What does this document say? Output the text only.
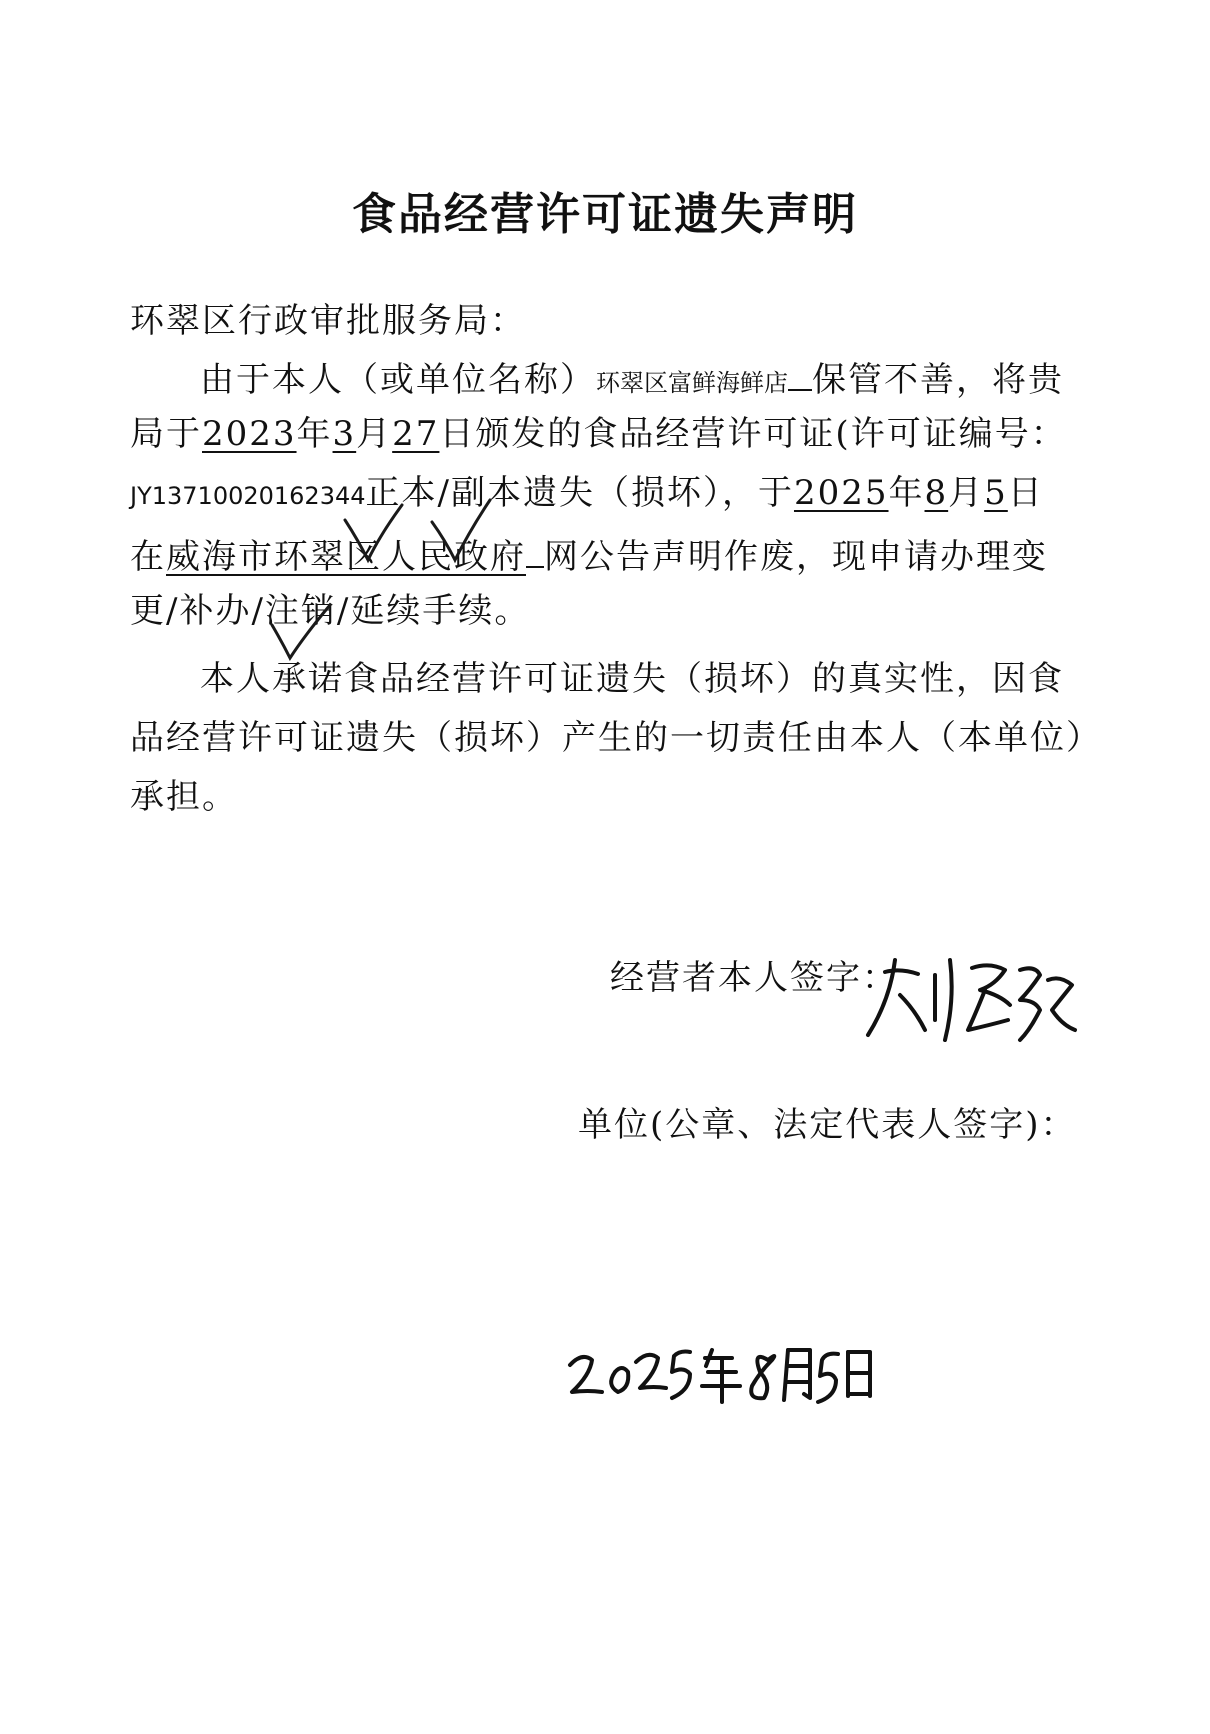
食品经营许可证遗失声明
环翠区行政审批服务局：
由于本人（或单位名称）环翠区富鲜海鲜店 保管不善，将贵
局于2023年3月27日颁发的食品经营许可证(许可证编号：
JY13710020162344正本/副本遗失（损坏），于2025年8月5日
在威海市环翠区人民政府 网公告声明作废，现申请办理变
更/补办/注销/延续手续。
本人承诺食品经营许可证遗失（损坏）的真实性，因食
品经营许可证遗失（损坏）产生的一切责任由本人（本单位）
承担。
经营者本人签字：
单位(公章、法定代表人签字)：
